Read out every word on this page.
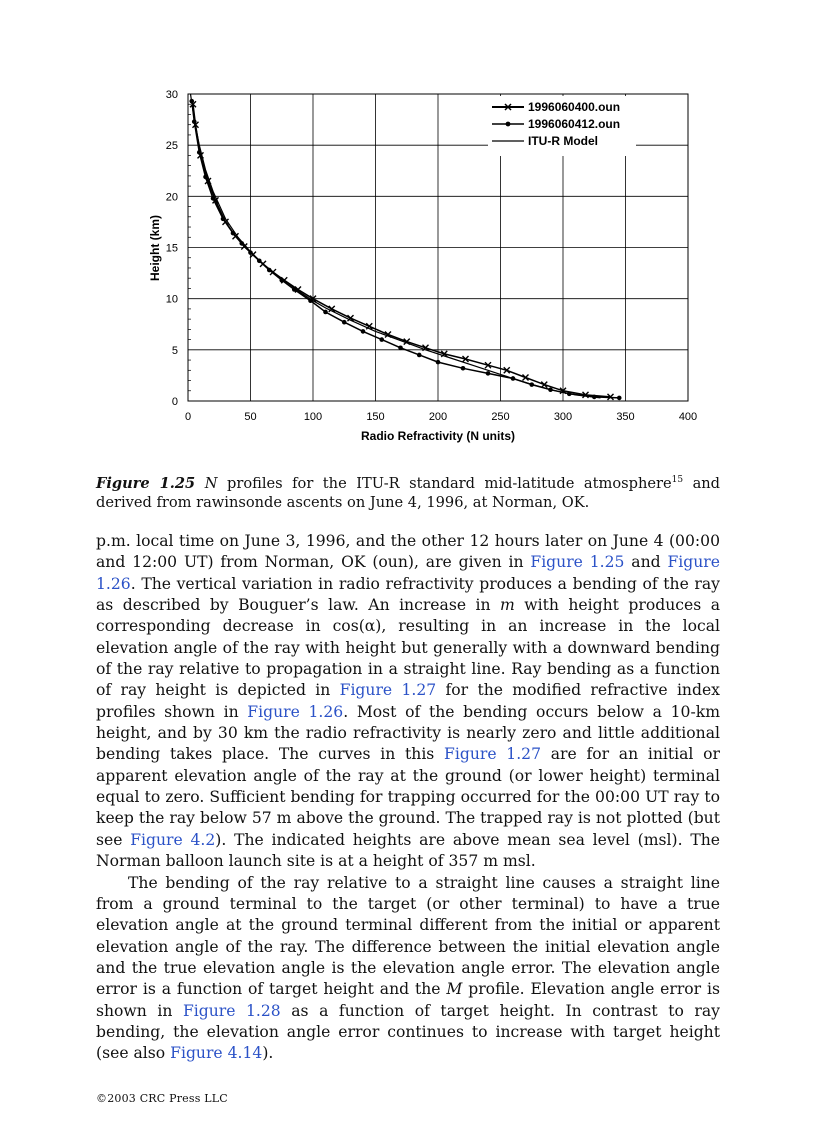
0	50	100	150	200	250	300	350	400
0
5
10
15
20
25
30
1996060400.oun
1996060412.oun
ITU-R Model
Radio Refractivity (N units)
Height (km)
Figure 1.25 N profiles for the ITU-R standard mid-latitude atmosphere$^{15}$ and derived from rawinsonde ascents on June 4, 1996, at Norman, OK.

p.m. local time on June 3, 1996, and the other 12 hours later on June 4 (00:00 and 12:00 UT) from Norman, OK (oun), are given in Figure 1.25 and Figure 1.26. The vertical variation in radio refractivity produces a bending of the ray as described by Bouguer’s law. An increase in m with height produces a corresponding decrease in cos(α), resulting in an increase in the local elevation angle of the ray with height but generally with a downward bending of the ray relative to propagation in a straight line. Ray bending as a function of ray height is depicted in Figure 1.27 for the modified refractive index profiles shown in Figure 1.26. Most of the bending occurs below a 10-km height, and by 30 km the radio refractivity is nearly zero and little additional bending takes place. The curves in this Figure 1.27 are for an initial or apparent elevation angle of the ray at the ground (or lower height) terminal equal to zero. Sufficient bending for trapping occurred for the 00:00 UT ray to keep the ray below 57 m above the ground. The trapped ray is not plotted (but see Figure 4.2). The indicated heights are above mean sea level (msl). The Norman balloon launch site is at a height of 357 m msl.

The bending of the ray relative to a straight line causes a straight line from a ground terminal to the target (or other terminal) to have a true elevation angle at the ground terminal different from the initial or apparent elevation angle of the ray. The difference between the initial elevation angle and the true elevation angle is the elevation angle error. The elevation angle error is a function of target height and the M profile. Elevation angle error is shown in Figure 1.28 as a function of target height. In contrast to ray bending, the elevation angle error continues to increase with target height (see also Figure 4.14).

©2003 CRC Press LLC
